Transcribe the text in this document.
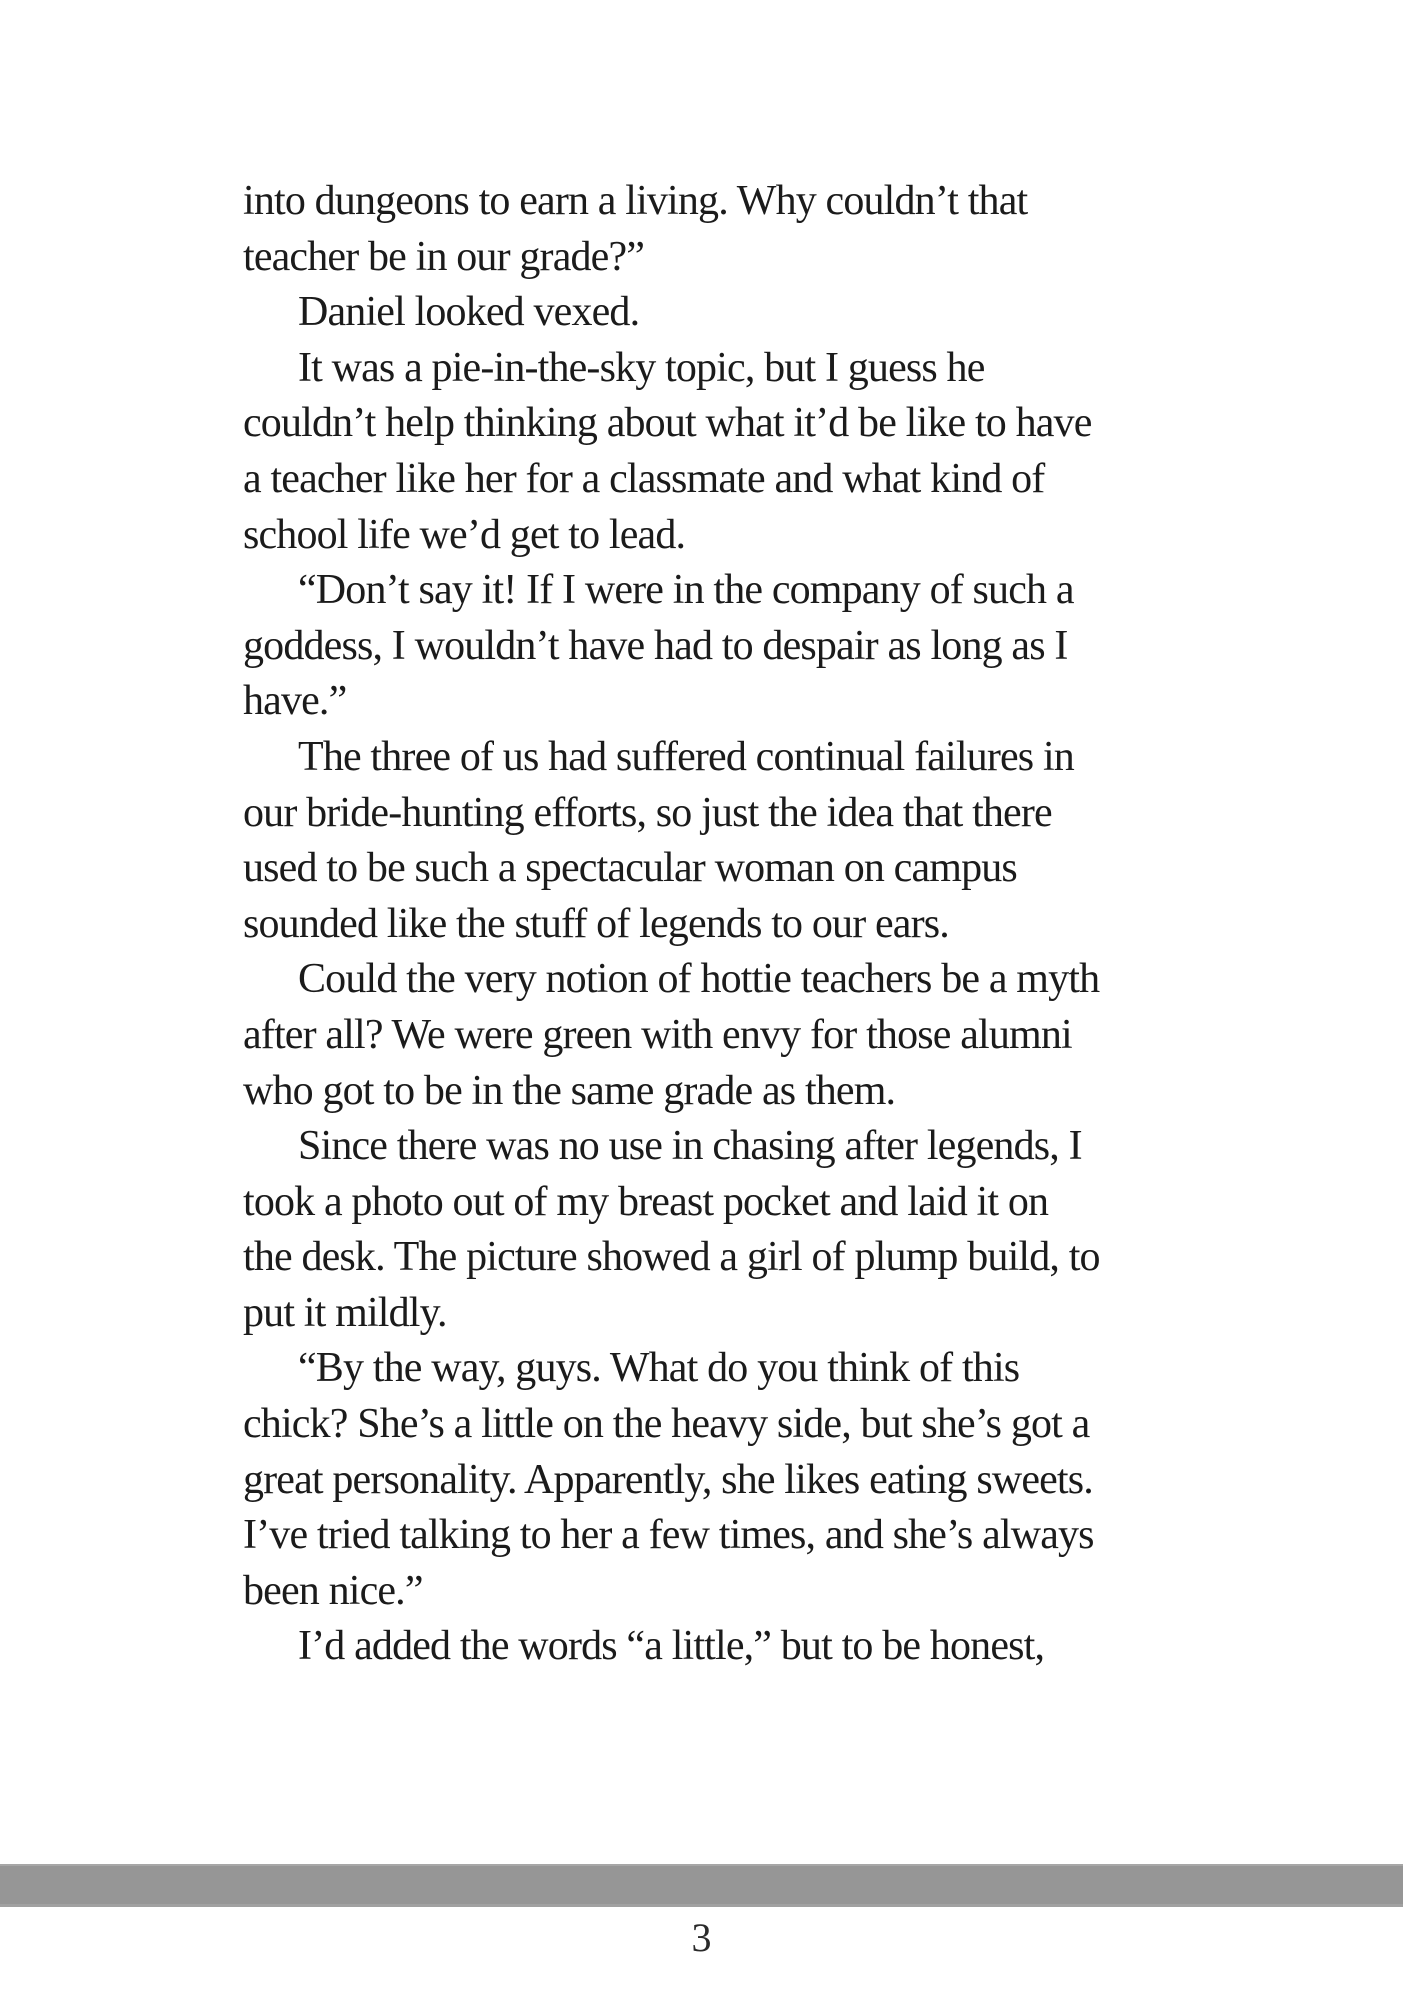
into dungeons to earn a living. Why couldn’t that
teacher be in our grade?”
Daniel looked vexed.
It was a pie-in-the-sky topic, but I guess he
couldn’t help thinking about what it’d be like to have
a teacher like her for a classmate and what kind of
school life we’d get to lead.
“Don’t say it! If I were in the company of such a
goddess, I wouldn’t have had to despair as long as I
have.”
The three of us had suffered continual failures in
our bride-hunting efforts, so just the idea that there
used to be such a spectacular woman on campus
sounded like the stuff of legends to our ears.
Could the very notion of hottie teachers be a myth
after all? We were green with envy for those alumni
who got to be in the same grade as them.
Since there was no use in chasing after legends, I
took a photo out of my breast pocket and laid it on
the desk. The picture showed a girl of plump build, to
put it mildly.
“By the way, guys. What do you think of this
chick? She’s a little on the heavy side, but she’s got a
great personality. Apparently, she likes eating sweets.
I’ve tried talking to her a few times, and she’s always
been nice.”
I’d added the words “a little,” but to be honest,
3
